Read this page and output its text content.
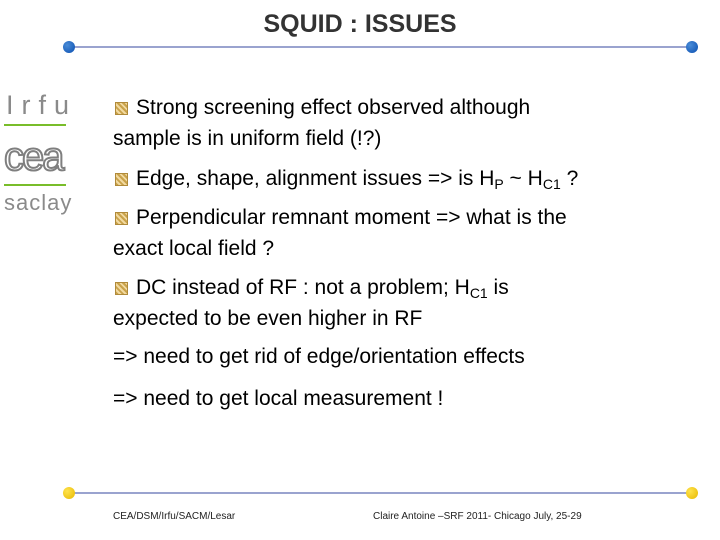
SQUID : ISSUES
Irfu
cea
saclay
Strong screening effect observed although
sample is in uniform field (!?)
Edge, shape, alignment issues => is $H_P$ ~ $H_{C1}$ ?
Perpendicular remnant moment => what is the
exact local field ?
DC instead of RF : not a problem; $H_{C1}$ is
expected to be even higher in RF
=> need to get rid of edge/orientation effects
=> need to get local measurement !
CEA/DSM/Irfu/SACM/Lesar	Claire Antoine –SRF 2011- Chicago July, 25-29
